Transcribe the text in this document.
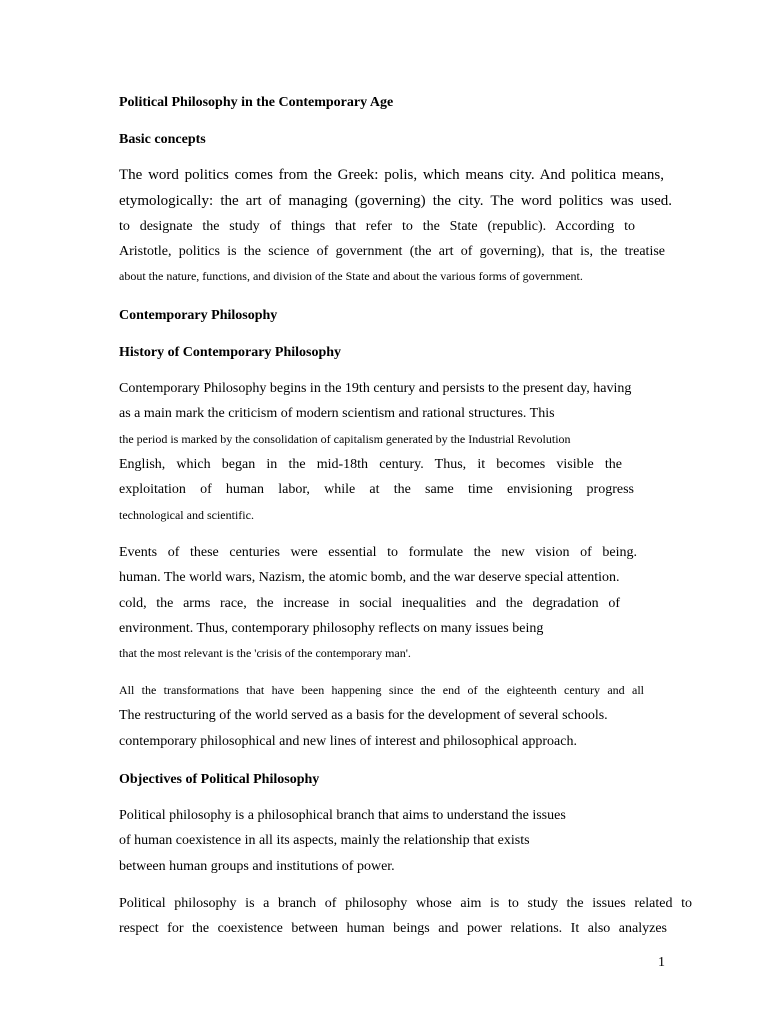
Political Philosophy in the Contemporary Age
Basic concepts
The word politics comes from the Greek: polis, which means city. And politica means,
etymologically: the art of managing (governing) the city. The word politics was used.
to designate the study of things that refer to the State (republic). According to
Aristotle, politics is the science of government (the art of governing), that is, the treatise
about the nature, functions, and division of the State and about the various forms of government.
Contemporary Philosophy
History of Contemporary Philosophy
Contemporary Philosophy begins in the 19th century and persists to the present day, having
as a main mark the criticism of modern scientism and rational structures. This
the period is marked by the consolidation of capitalism generated by the Industrial Revolution
English, which began in the mid-18th century. Thus, it becomes visible the
exploitation of human labor, while at the same time envisioning progress
technological and scientific.
Events of these centuries were essential to formulate the new vision of being.
human. The world wars, Nazism, the atomic bomb, and the war deserve special attention.
cold, the arms race, the increase in social inequalities and the degradation of
environment. Thus, contemporary philosophy reflects on many issues being
that the most relevant is the 'crisis of the contemporary man'.
All the transformations that have been happening since the end of the eighteenth century and all
The restructuring of the world served as a basis for the development of several schools.
contemporary philosophical and new lines of interest and philosophical approach.
Objectives of Political Philosophy
Political philosophy is a philosophical branch that aims to understand the issues
of human coexistence in all its aspects, mainly the relationship that exists
between human groups and institutions of power.
Political philosophy is a branch of philosophy whose aim is to study the issues related to
respect for the coexistence between human beings and power relations. It also analyzes
1
